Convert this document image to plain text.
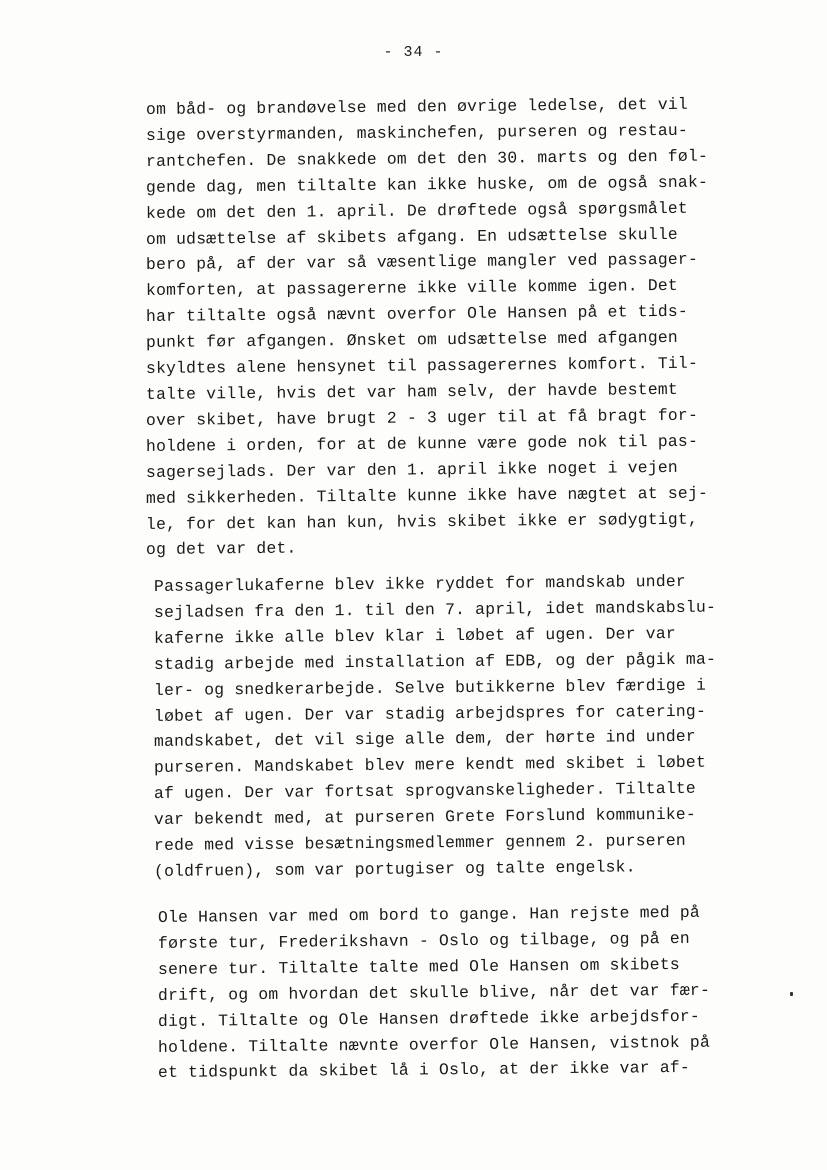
- 34 -
om båd- og brandøvelse med den øvrige ledelse, det vil
sige overstyrmanden, maskinchefen, purseren og restau-
rantchefen. De snakkede om det den 30. marts og den føl-
gende dag, men tiltalte kan ikke huske, om de også snak-
kede om det den 1. april. De drøftede også spørgsmålet
om udsættelse af skibets afgang. En udsættelse skulle
bero på, af der var så væsentlige mangler ved passager-
komforten, at passagererne ikke ville komme igen. Det
har tiltalte også nævnt overfor Ole Hansen på et tids-
punkt før afgangen. Ønsket om udsættelse med afgangen
skyldtes alene hensynet til passagerernes komfort. Til-
talte ville, hvis det var ham selv, der havde bestemt
over skibet, have brugt 2 - 3 uger til at få bragt for-
holdene i orden, for at de kunne være gode nok til pas-
sagersejlads. Der var den 1. april ikke noget i vejen
med sikkerheden. Tiltalte kunne ikke have nægtet at sej-
le, for det kan han kun, hvis skibet ikke er sødygtigt,
og det var det.
Passagerlukaferne blev ikke ryddet for mandskab under
sejladsen fra den 1. til den 7. april, idet mandskabslu-
kaferne ikke alle blev klar i løbet af ugen. Der var
stadig arbejde med installation af EDB, og der pågik ma-
ler- og snedkerarbejde. Selve butikkerne blev færdige i
løbet af ugen. Der var stadig arbejdspres for catering-
mandskabet, det vil sige alle dem, der hørte ind under
purseren. Mandskabet blev mere kendt med skibet i løbet
af ugen. Der var fortsat sprogvanskeligheder. Tiltalte
var bekendt med, at purseren Grete Forslund kommunike-
rede med visse besætningsmedlemmer gennem 2. purseren
(oldfruen), som var portugiser og talte engelsk.
Ole Hansen var med om bord to gange. Han rejste med på
første tur, Frederikshavn - Oslo og tilbage, og på en
senere tur. Tiltalte talte med Ole Hansen om skibets
drift, og om hvordan det skulle blive, når det var fær-
digt. Tiltalte og Ole Hansen drøftede ikke arbejdsfor-
holdene. Tiltalte nævnte overfor Ole Hansen, vistnok på
et tidspunkt da skibet lå i Oslo, at der ikke var af-
